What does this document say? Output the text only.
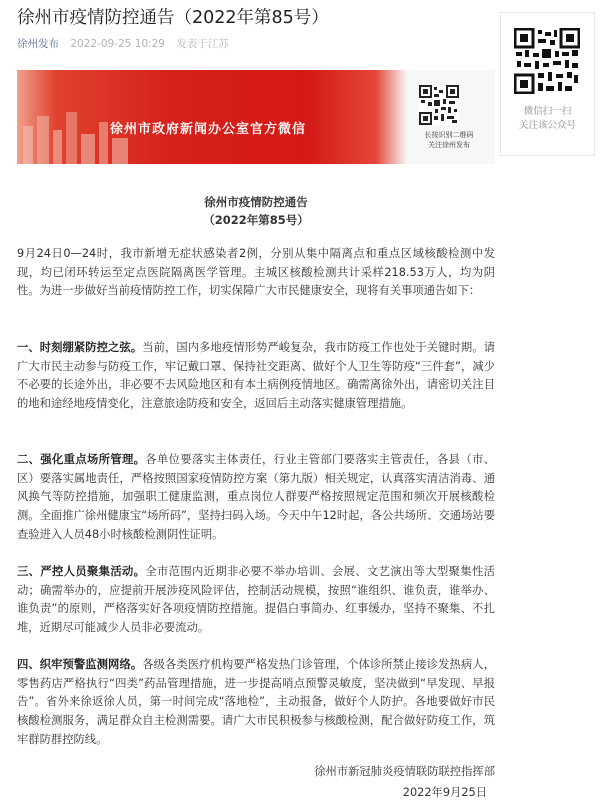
徐州市疫情防控通告（2022年第85号）
徐州发布 2022-09-25 10:29 发表于江苏
徐州市政府新闻办公室官方微信	长按识别二维码
关注徐州发布
徐州市疫情防控通告
（2022年第85号）

9月24日0—24时，我市新增无症状感染者2例，分别从集中隔离点和重点区域核酸检测中发现，均已闭环转运至定点医院隔离医学管理。主城区核酸检测共计采样218.53万人，均为阴性。为进一步做好当前疫情防控工作，切实保障广大市民健康安全，现将有关事项通告如下：

一、时刻绷紧防控之弦。当前，国内多地疫情形势严峻复杂，我市防疫工作也处于关键时期。请广大市民主动参与防疫工作，牢记戴口罩、保持社交距离、做好个人卫生等防疫“三件套”，减少不必要的长途外出，非必要不去风险地区和有本土病例疫情地区。确需离徐外出，请密切关注目的地和途经地疫情变化，注意旅途防疫和安全，返回后主动落实健康管理措施。

二、强化重点场所管理。各单位要落实主体责任，行业主管部门要落实主管责任，各县（市、区）要落实属地责任，严格按照国家疫情防控方案（第九版）相关规定，认真落实清洁消毒、通风换气等防控措施，加强职工健康监测，重点岗位人群要严格按照规定范围和频次开展核酸检测。全面推广徐州健康宝“场所码”，坚持扫码入场。今天中午12时起，各公共场所、交通场站要查验进入人员48小时核酸检测阴性证明。

三、严控人员聚集活动。全市范围内近期非必要不举办培训、会展、文艺演出等大型聚集性活动；确需举办的，应提前开展涉疫风险评估，控制活动规模，按照“谁组织、谁负责，谁举办、谁负责”的原则，严格落实好各项疫情防控措施。提倡白事简办、红事缓办，坚持不聚集、不扎堆，近期尽可能减少人员非必要流动。

四、织牢预警监测网络。各级各类医疗机构要严格发热门诊管理，个体诊所禁止接诊发热病人，零售药店严格执行“四类”药品管理措施，进一步提高哨点预警灵敏度，坚决做到“早发现、早报告”。省外来徐返徐人员，第一时间完成“落地检”，主动报备，做好个人防护。各地要做好市民核酸检测服务，满足群众自主检测需要。请广大市民积极参与核酸检测，配合做好防疫工作，筑牢群防群控防线。

徐州市新冠肺炎疫情联防联控指挥部
2022年9月25日
微信扫一扫
关注该公众号
